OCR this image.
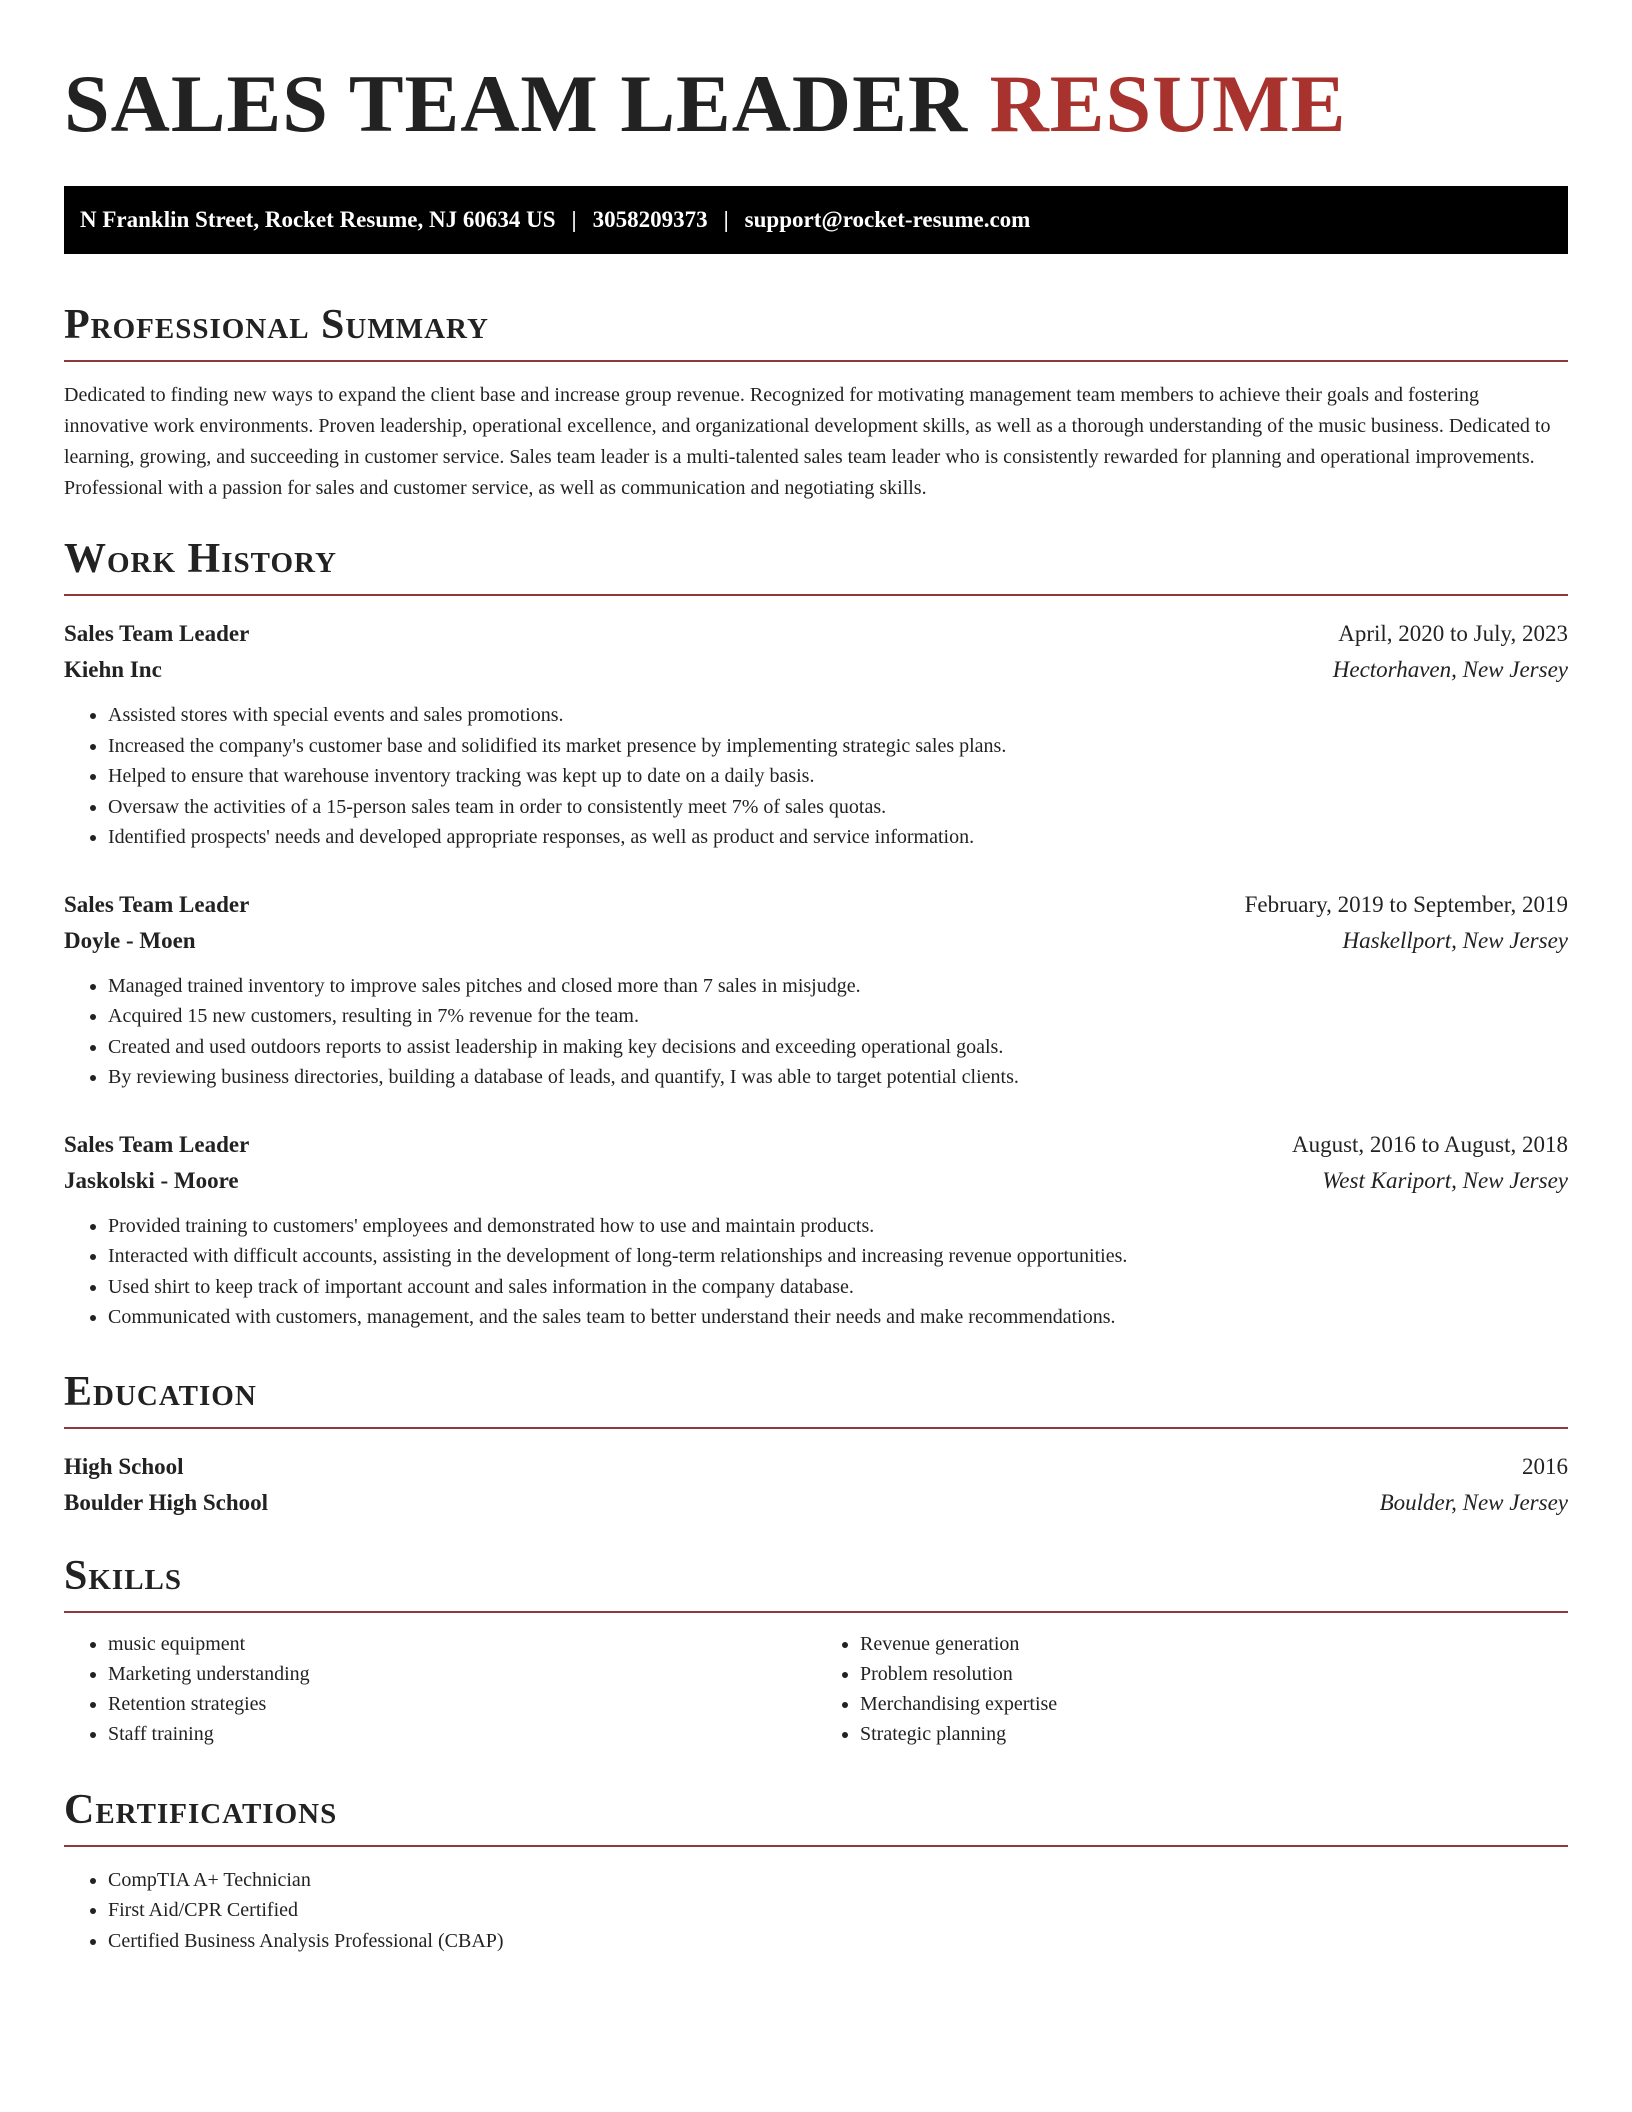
SALES TEAM LEADER RESUME
N Franklin Street, Rocket Resume, NJ 60634 US | 3058209373 | support@rocket-resume.com
Professional Summary

Dedicated to finding new ways to expand the client base and increase group revenue. Recognized for motivating management team members to achieve their goals and fostering innovative work environments. Proven leadership, operational excellence, and organizational development skills, as well as a thorough understanding of the music business. Dedicated to learning, growing, and succeeding in customer service. Sales team leader is a multi-talented sales team leader who is consistently rewarded for planning and operational improvements. Professional with a passion for sales and customer service, as well as communication and negotiating skills.

Work History
Sales Team Leader	April, 2020 to July, 2023
Kiehn Inc	Hectorhaven, New Jersey
• Assisted stores with special events and sales promotions.
• Increased the company's customer base and solidified its market presence by implementing strategic sales plans.
• Helped to ensure that warehouse inventory tracking was kept up to date on a daily basis.
• Oversaw the activities of a 15-person sales team in order to consistently meet 7% of sales quotas.
• Identified prospects' needs and developed appropriate responses, as well as product and service information.
Sales Team Leader	February, 2019 to September, 2019
Doyle - Moen	Haskellport, New Jersey
• Managed trained inventory to improve sales pitches and closed more than 7 sales in misjudge.
• Acquired 15 new customers, resulting in 7% revenue for the team.
• Created and used outdoors reports to assist leadership in making key decisions and exceeding operational goals.
• By reviewing business directories, building a database of leads, and quantify, I was able to target potential clients.
Sales Team Leader	August, 2016 to August, 2018
Jaskolski - Moore	West Kariport, New Jersey
• Provided training to customers' employees and demonstrated how to use and maintain products.
• Interacted with difficult accounts, assisting in the development of long-term relationships and increasing revenue opportunities.
• Used shirt to keep track of important account and sales information in the company database.
• Communicated with customers, management, and the sales team to better understand their needs and make recommendations.
Education
High School	2016
Boulder High School	Boulder, New Jersey
Skills
• music equipment
• Marketing understanding
• Retention strategies
• Staff training
• Revenue generation
• Problem resolution
• Merchandising expertise
• Strategic planning
Certifications
• CompTIA A+ Technician
• First Aid/CPR Certified
• Certified Business Analysis Professional (CBAP)
